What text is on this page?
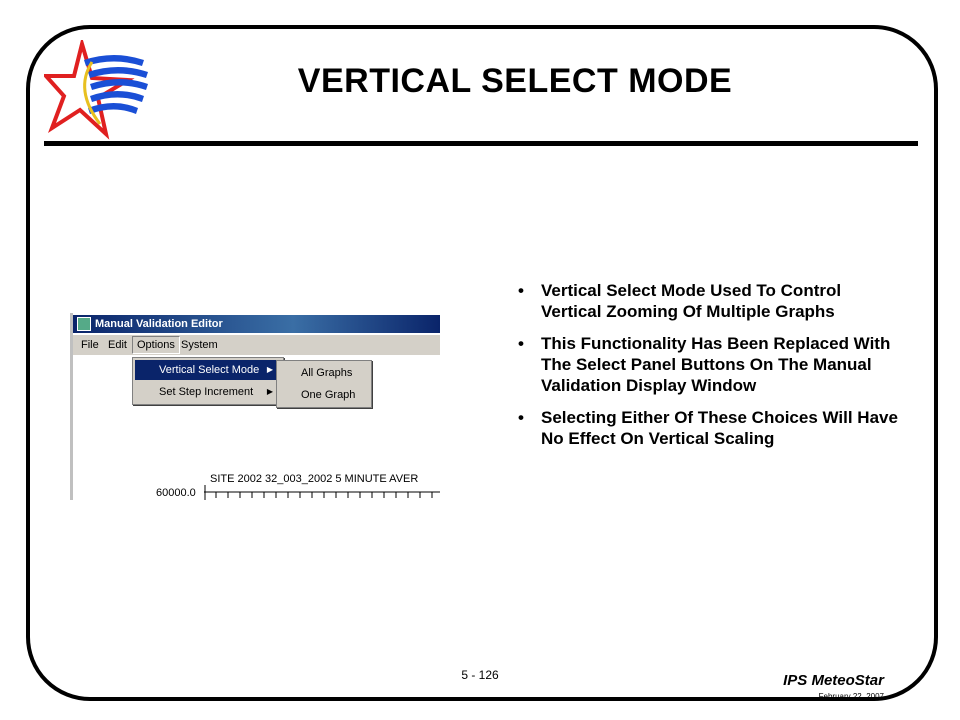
VERTICAL SELECT MODE
Manual Validation Editor
File Edit Options System
Vertical Select Mode ▶
Set Step Increment ▶
All Graphs
One Graph
SITE 2002 32_003_2002 5 MINUTE AVER
60000.0
• Vertical Select Mode Used To Control Vertical Zooming Of Multiple Graphs
• This Functionality Has Been Replaced With The Select Panel Buttons On The Manual Validation Display Window
• Selecting Either Of These Choices Will Have No Effect On Vertical Scaling
5 - 126	IPS MeteoStar
February 22, 2007
